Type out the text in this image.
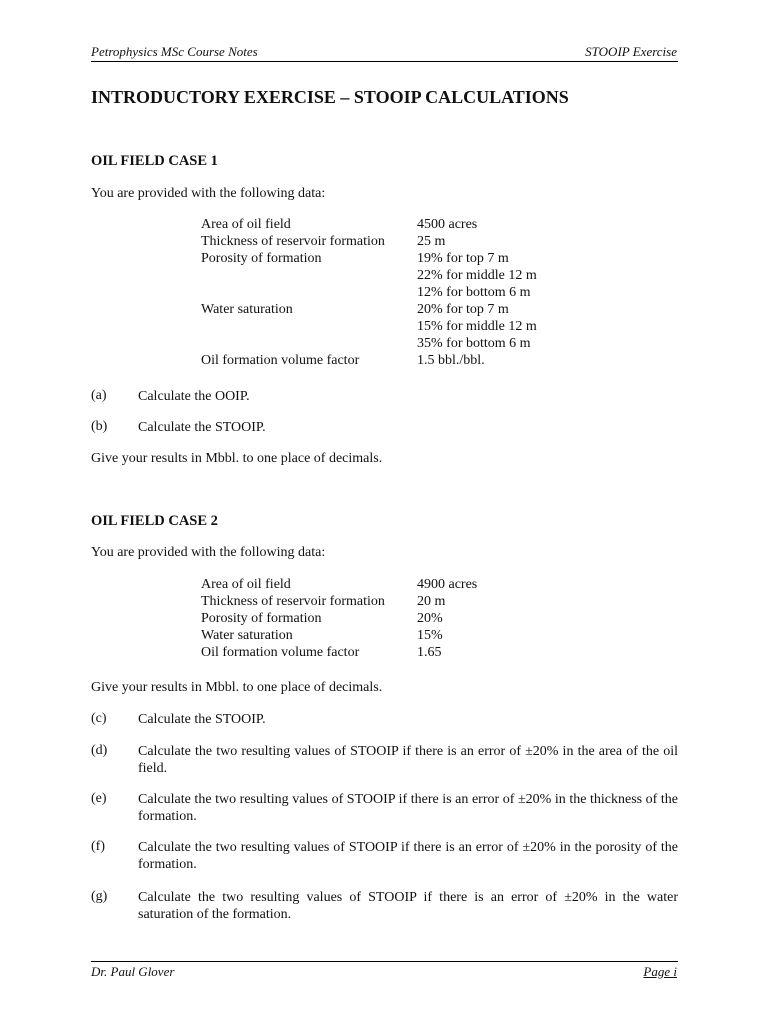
Petrophysics MSc Course Notes	STOOIP Exercise
INTRODUCTORY EXERCISE – STOOIP CALCULATIONS
OIL FIELD CASE 1
You are provided with the following data:
Area of oil field	4500 acres
Thickness of reservoir formation 25 m
Porosity of formation	19% for top 7 m
22% for middle 12 m
12% for bottom 6 m
Water saturation	20% for top 7 m
15% for middle 12 m
35% for bottom 6 m
Oil formation volume factor	1.5 bbl./bbl.
(a) Calculate the OOIP.
(b) Calculate the STOOIP.
Give your results in Mbbl. to one place of decimals.
OIL FIELD CASE 2
You are provided with the following data:
Area of oil field	4900 acres
Thickness of reservoir formation 20 m
Porosity of formation	20%
Water saturation	15%
Oil formation volume factor	1.65
Give your results in Mbbl. to one place of decimals.
(c) Calculate the STOOIP.
(d) Calculate the two resulting values of STOOIP if there is an error of ±20% in the area of the oil field.
(e) Calculate the two resulting values of STOOIP if there is an error of ±20% in the thickness of the formation.
(f) Calculate the two resulting values of STOOIP if there is an error of ±20% in the porosity of the formation.
(g) Calculate the two resulting values of STOOIP if there is an error of ±20% in the water saturation of the formation.
Dr. Paul Glover	Page i
